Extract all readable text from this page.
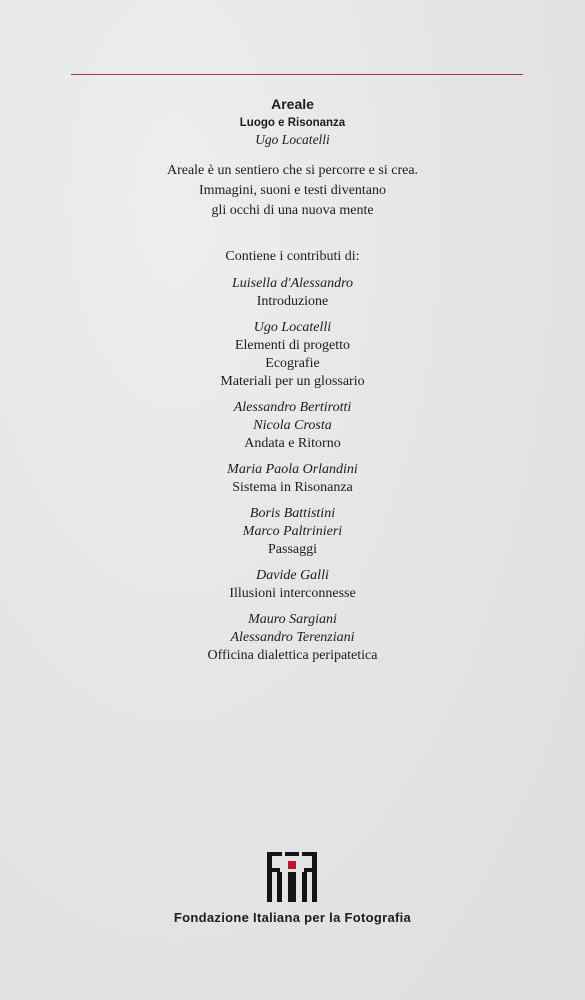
Areale
Luogo e Risonanza
Ugo Locatelli
Areale è un sentiero che si percorre e si crea.
Immagini, suoni e testi diventano
gli occhi di una nuova mente
Contiene i contributi di:
Luisella d'Alessandro
Introduzione
Ugo Locatelli
Elementi di progetto
Ecografie
Materiali per un glossario
Alessandro Bertirotti
Nicola Crosta
Andata e Ritorno
Maria Paola Orlandini
Sistema in Risonanza
Boris Battistini
Marco Paltrinieri
Passaggi
Davide Galli
Illusioni interconnesse
Mauro Sargiani
Alessandro Terenziani
Officina dialettica peripatetica
Fondazione Italiana per la Fotografia
